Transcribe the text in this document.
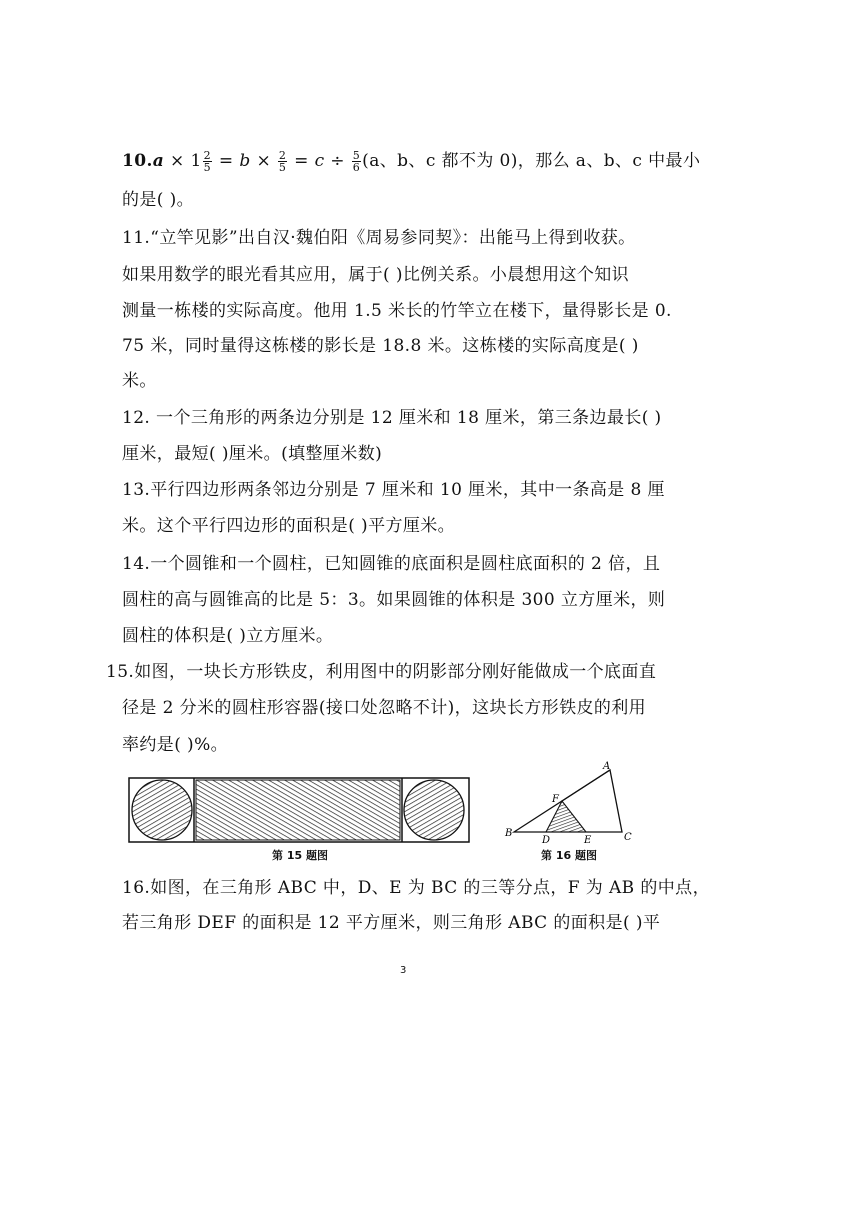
$10.a \times 1 \frac{2}{5} = b \times \frac{2}{5} = c \div \frac{5}{6} (a$、b、c 都不为 0)，那么 a、b、c 中最小
的是( )。
11.“立竿见影”出自汉·魏伯阳《周易参同契》：出能马上得到收获。
如果用数学的眼光看其应用，属于( )比例关系。小晨想用这个知识
测量一栋楼的实际高度。他用 1.5 米长的竹竿立在楼下，量得影长是 0.
75 米，同时量得这栋楼的影长是 18.8 米。这栋楼的实际高度是( )
米。
12. 一个三角形的两条边分别是 12 厘米和 18 厘米，第三条边最长( )
厘米，最短( )厘米。(填整厘米数)
13.平行四边形两条邻边分别是 7 厘米和 10 厘米，其中一条高是 8 厘
米。这个平行四边形的面积是( )平方厘米。
14.一个圆锥和一个圆柱，已知圆锥的底面积是圆柱底面积的 2 倍，且
圆柱的高与圆锥高的比是 5：3。如果圆锥的体积是 300 立方厘米，则
圆柱的体积是( )立方厘米。
15.如图，一块长方形铁皮，利用图中的阴影部分刚好能做成一个底面直
径是 2 分米的圆柱形容器(接口处忽略不计)，这块长方形铁皮的利用
率约是( )%。
第 15 题图
A
B	C
D	E
F
第 16 题图
16.如图，在三角形 ABC 中，D、E 为 BC 的三等分点，F 为 AB 的中点，
若三角形 DEF 的面积是 12 平方厘米，则三角形 ABC 的面积是( )平
3
